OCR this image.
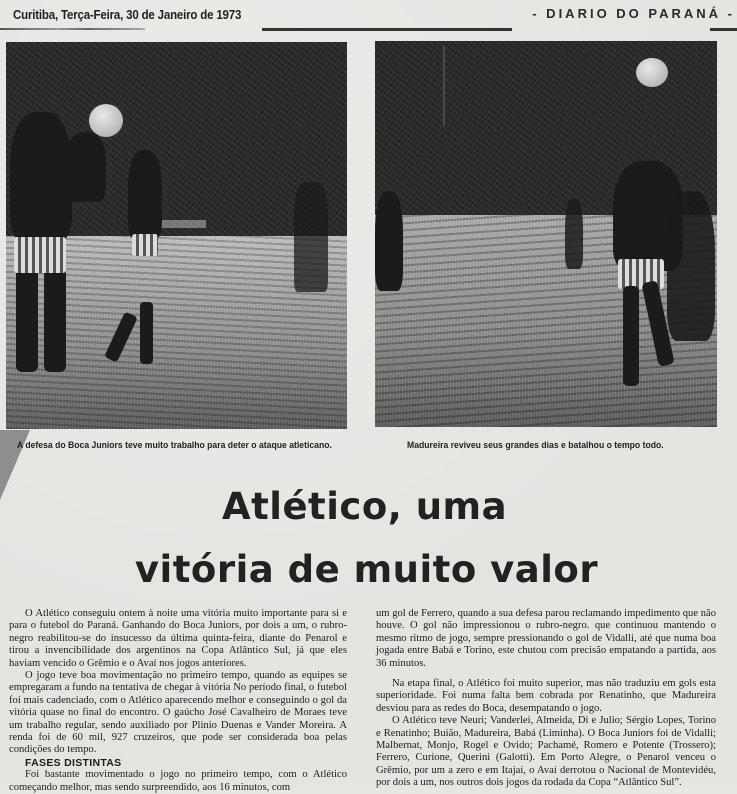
Curitiba, Terça-Feira, 30 de Janeiro de 1973	- DIARIO DO PARANÁ -
A defesa do Boca Juniors teve muito trabalho para deter o ataque atleticano.	Madureira reviveu seus grandes dias e batalhou o tempo todo.
Atlético, uma
vitória de muito valor

O Atlético conseguiu ontem à noite uma vitória muito importante para si e para o futebol do Paraná. Ganhando do Boca Juniors, por dois a um, o rubro-negro reabilitou-se do insucesso da última quinta-feira, diante do Penarol e tirou a invencibilidade dos argentinos na Copa Atlântico Sul, já que eles haviam vencido o Grêmio e o Avaí nos jogos anteriores.

O jogo teve boa movimentação no primeiro tempo, quando as equipes se empregaram a fundo na tentativa de chegar à vitória No período final, o futebol foi mais cadenciado, com o Atlético aparecendo melhor e conseguindo o gol da vitória quase no final do encontro. O gaúcho José Cavalheiro de Moraes teve um trabalho regular, sendo auxiliado por Plinio Duenas e Vander Moreira. A renda foi de 60 mil, 927 cruzeiros, que pode ser considerada boa pelas condições do tempo.

FASES DISTINTAS

Foi bastante movimentado o jogo no primeiro tempo, com o Atlético começando melhor, mas sendo surpreendido, aos 16 minutos, com

um gol de Ferrero, quando a sua defesa parou reclamando impedimento que não houve. O gol não impressionou o rubro-negro. que continuou mantendo o mesmo ritmo de jogo, sempre pressionando o gol de Vidalli, até que numa boa jogada entre Babá e Torino, este chutou com precisão empatando a partida, aos 36 minutos.

Na etapa final, o Atlético foi muito superior, mas não traduziu em gols esta superioridade. Foi numa falta bem cobrada por Renatinho, que Madureira desviou para as redes do Boca, desempatando o jogo.

O Atlético teve Neuri; Vanderlei, Almeida, Di e Julio; Sérgio Lopes, Torino e Renatinho; Buião, Madureira, Babá (Liminha). O Boca Juniors foi de Vidalli; Malbernat, Monjo, Rogel e Ovido; Pachamé, Romero e Potente (Trossero); Ferrero, Curione, Querini (Galotti). Em Porto Alegre, o Penarol venceu o Grêmio, por um a zero e em Itajaí, o Avaí derrotou o Nacional de Montevidéu, por dois a um, nos outros dois jogos da rodada da Copa “Atlântico Sul”.
